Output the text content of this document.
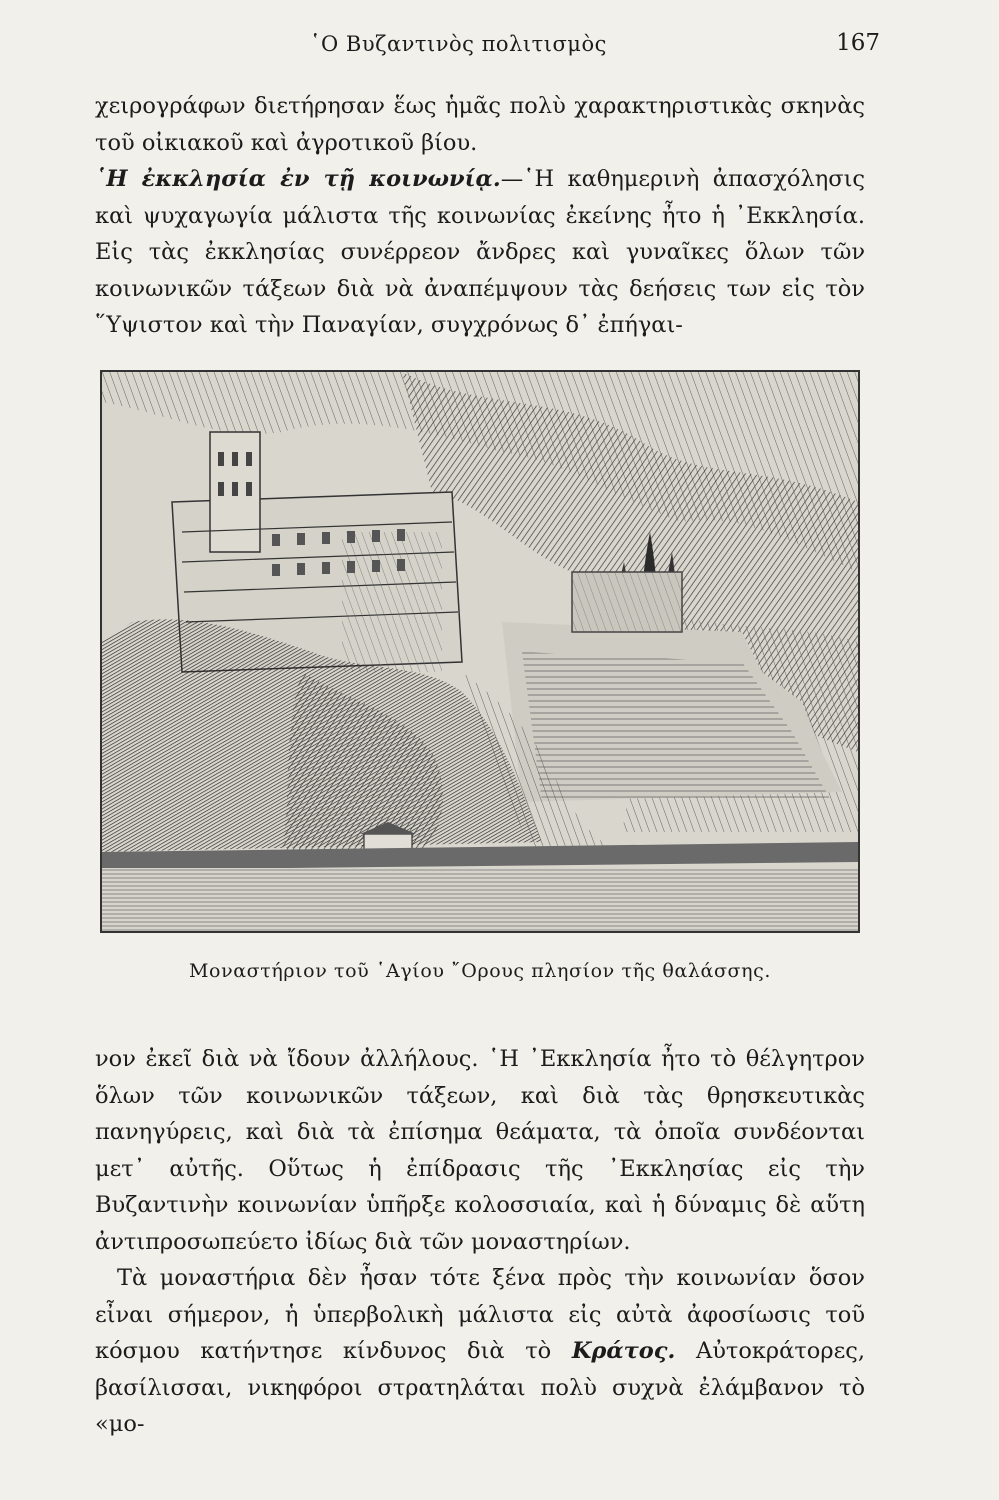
῾Ο Βυζαντινὸς πολιτισμὸς	167

χειρογράφων διετήρησαν ἕως ἡμᾶς πολὺ χαρακτηριστικὰς σκηνὰς τοῦ οἰκιακοῦ καὶ ἀγροτικοῦ βίου.

῾Η ἐκκλησία ἐν τῇ κοινωνίᾳ.—῾Η καθημερινὴ ἀπασχόλησις καὶ ψυχαγωγία μάλιστα τῆς κοινωνίας ἐκείνης ἦτο ἡ ᾿Εκκλησία. Εἰς τὰς ἐκκλησίας συνέρρεον ἄνδρες καὶ γυναῖκες ὅλων τῶν κοινωνικῶν τάξεων διὰ νὰ ἀναπέμψουν τὰς δεήσεις των εἰς τὸν ῞Υψιστον καὶ τὴν Παναγίαν, συγχρόνως δ᾿ ἐπήγαι-

Μοναστήριον τοῦ ῾Αγίου ῎Ορους πλησίον τῆς θαλάσσης.

νον ἐκεῖ διὰ νὰ ἴδουν ἀλλήλους. ῾Η ᾿Εκκλησία ἦτο τὸ θέλγητρον ὅλων τῶν κοινωνικῶν τάξεων, καὶ διὰ τὰς θρησκευτικὰς πανηγύρεις, καὶ διὰ τὰ ἐπίσημα θεάματα, τὰ ὁποῖα συνδέονται μετ᾿ αὐτῆς. Οὕτως ἡ ἐπίδρασις τῆς ᾿Εκκλησίας εἰς τὴν Βυζαντινὴν κοινωνίαν ὑπῆρξε κολοσσιαία, καὶ ἡ δύναμις δὲ αὕτη ἀντιπροσωπεύετο ἰδίως διὰ τῶν μοναστηρίων.

Τὰ μοναστήρια δὲν ἦσαν τότε ξένα πρὸς τὴν κοινωνίαν ὅσον εἶναι σήμερον, ἡ ὑπερβολικὴ μάλιστα εἰς αὐτὰ ἀφοσίωσις τοῦ κόσμου κατήντησε κίνδυνος διὰ τὸ Κράτος. Αὐτοκράτορες, βασίλισσαι, νικηφόροι στρατηλάται πολὺ συχνὰ ἐλάμβανον τὸ «μο-
